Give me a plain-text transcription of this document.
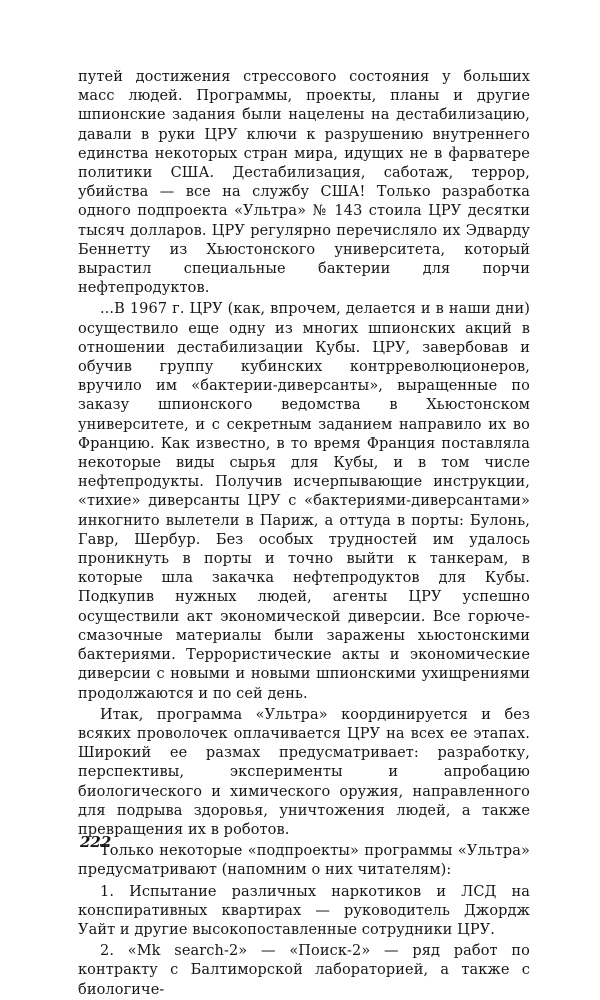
путей достижения стрессового состояния у больших масс людей. Программы, проекты, планы и другие шпионские задания были нацелены на дестабилизацию, давали в руки ЦРУ ключи к разрушению внутреннего единства некоторых стран мира, идущих не в фарватере политики США. Дестабилизация, саботаж, террор, убийства — все на службу США! Только разработка одного подпроекта «Ультра» № 143 стоила ЦРУ десятки тысяч долларов. ЦРУ регулярно перечисляло их Эдварду Беннетту из Хьюстонского университета, который вырастил специальные бактерии для порчи нефтепродуктов.

...В 1967 г. ЦРУ (как, впрочем, делается и в наши дни) осуществило еще одну из многих шпионских акций в отношении дестабилизации Кубы. ЦРУ, завербовав и обучив группу кубинских контрреволюционеров, вручило им «бактерии-диверсанты», выращенные по заказу шпионского ведомства в Хьюстонском университете, и с секретным заданием направило их во Францию. Как известно, в то время Франция поставляла некоторые виды сырья для Кубы, и в том числе нефтепродукты. Получив исчерпывающие инструкции, «тихие» диверсанты ЦРУ с «бактериями-диверсантами» инкогнито вылетели в Париж, а оттуда в порты: Булонь, Гавр, Шербур. Без особых трудностей им удалось проникнуть в порты и точно выйти к танкерам, в которые шла закачка нефтепродуктов для Кубы. Подкупив нужных людей, агенты ЦРУ успешно осуществили акт экономической диверсии. Все горюче-смазочные материалы были заражены хьюстонскими бактериями. Террористические акты и экономические диверсии с новыми и новыми шпионскими ухищрениями продолжаются и по сей день.

Итак, программа «Ультра» координируется и без всяких проволочек оплачивается ЦРУ на всех ее этапах. Широкий ее размах предусматривает: разработку, перспективы, эксперименты и апробацию биологического и химического оружия, направленного для подрыва здоровья, уничтожения людей, а также превращения их в роботов.

Только некоторые «подпроекты» программы «Ультра» предусматривают (напомним о них читателям):

1. Испытание различных наркотиков и ЛСД на конспиративных квартирах — руководитель Джордж Уайт и другие высокопоставленные сотрудники ЦРУ.

2. «Mk search-2» — «Поиск-2» — ряд работ по контракту с Балтиморской лабораторией, а также с биологиче-

222
